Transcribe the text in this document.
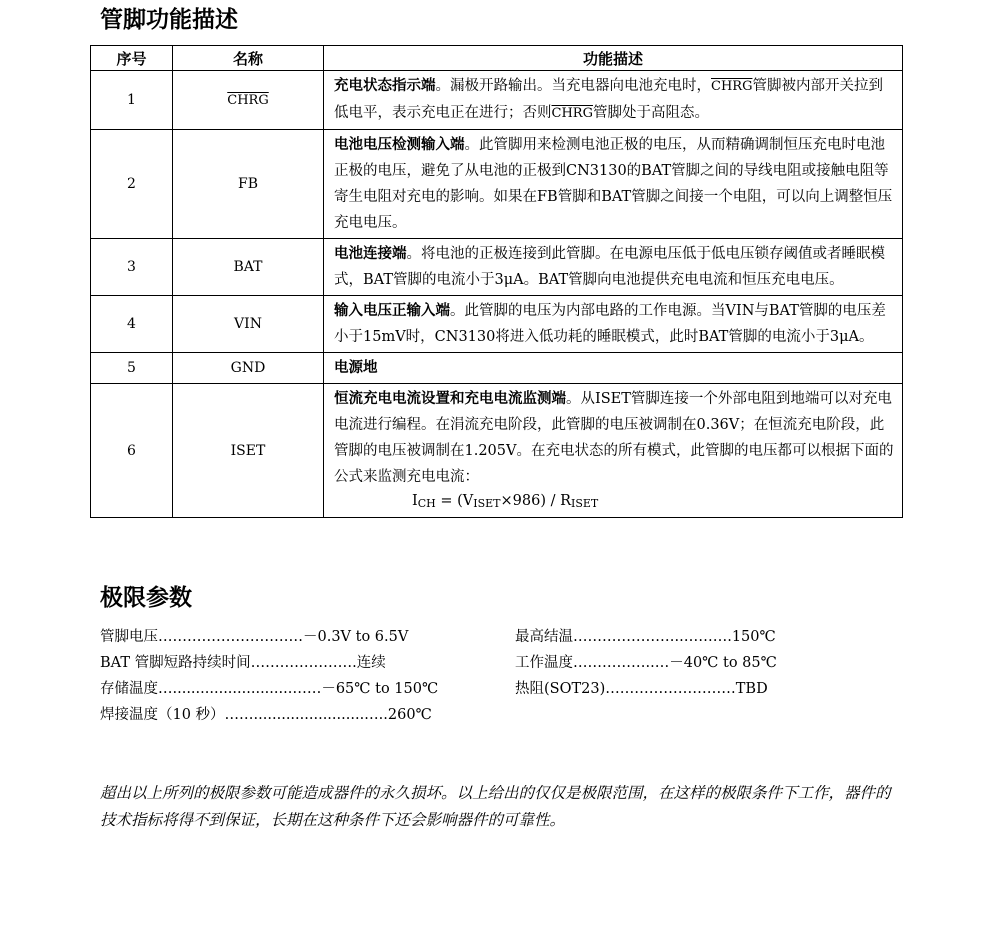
管脚功能描述
序号	名称	功能描述
1	CHRG	充电状态指示端。漏极开路输出。当充电器向电池充电时，CHRG管脚被内部开关拉到低电平，表示充电正在进行；否则CHRG管脚处于高阻态。
2	FB	电池电压检测输入端。此管脚用来检测电池正极的电压，从而精确调制恒压充电时电池正极的电压，避免了从电池的正极到CN3130的BAT管脚之间的导线电阻或接触电阻等寄生电阻对充电的影响。如果在FB管脚和BAT管脚之间接一个电阻，可以向上调整恒压充电电压。
3	BAT	电池连接端。将电池的正极连接到此管脚。在电源电压低于低电压锁存阈值或者睡眠模式，BAT管脚的电流小于3μA。BAT管脚向电池提供充电电流和恒压充电电压。
4	VIN	输入电压正输入端。此管脚的电压为内部电路的工作电源。当VIN与BAT管脚的电压差小于15mV时，CN3130将进入低功耗的睡眠模式，此时BAT管脚的电流小于3μA。
5	GND	电源地
6	ISET	恒流充电电流设置和充电电流监测端。从ISET管脚连接一个外部电阻到地端可以对充电电流进行编程。在涓流充电阶段，此管脚的电压被调制在0.36V；在恒流充电阶段，此管脚的电压被调制在1.205V。在充电状态的所有模式，此管脚的电压都可以根据下面的公式来监测充电电流：
$I_{CH} = (V_{ISET}\times 986) / R_{ISET}$
极限参数
管脚电压…………………………－0.3V to 6.5V
BAT 管脚短路持续时间………………….连续
存储温度…..........................……－65℃ to 150℃
焊接温度（10 秒）……........................…..260℃
最高结温…………………..……….150℃
工作温度……………..…－40℃ to 85℃
热阻(SOT23)………………………TBD
超出以上所列的极限参数可能造成器件的永久损坏。以上给出的仅仅是极限范围，在这样的极限条件下工作，器件的技术指标将得不到保证，长期在这种条件下还会影响器件的可靠性。
